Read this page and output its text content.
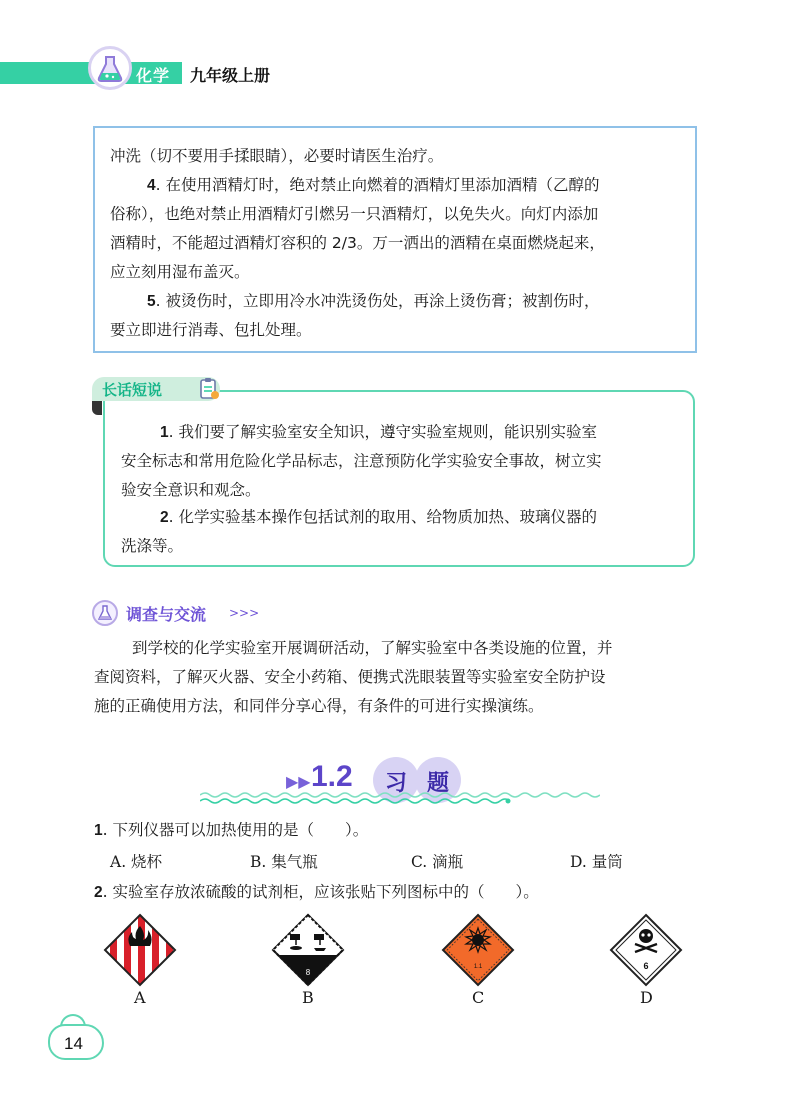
化学 九年级上册
冲洗（切不要用手揉眼睛），必要时请医生治疗。
4. 在使用酒精灯时，绝对禁止向燃着的酒精灯里添加酒精（乙醇的
俗称），也绝对禁止用酒精灯引燃另一只酒精灯，以免失火。向灯内添加
酒精时，不能超过酒精灯容积的 2/3。万一洒出的酒精在桌面燃烧起来，
应立刻用湿布盖灭。
5. 被烫伤时，立即用冷水冲洗烫伤处，再涂上烫伤膏；被割伤时，
要立即进行消毒、包扎处理。
长话短说
1. 我们要了解实验室安全知识，遵守实验室规则，能识别实验室
安全标志和常用危险化学品标志，注意预防化学实验安全事故，树立实
验安全意识和观念。
2. 化学实验基本操作包括试剂的取用、给物质加热、玻璃仪器的
洗涤等。
调查与交流 >>>
到学校的化学实验室开展调研活动，了解实验室中各类设施的位置，并
查阅资料，了解灭火器、安全小药箱、便携式洗眼装置等实验室安全防护设
施的正确使用方法，和同伴分享心得，有条件的可进行实操演练。
▶▶ 1.2 习 题
1. 下列仪器可以加热使用的是（　　）。
A. 烧杯	B. 集气瓶	C. 滴瓶	D. 量筒
2. 实验室存放浓硫酸的试剂柜，应该张贴下列图标中的（　　）。
8
1.1	6
A	B	C	D
14
